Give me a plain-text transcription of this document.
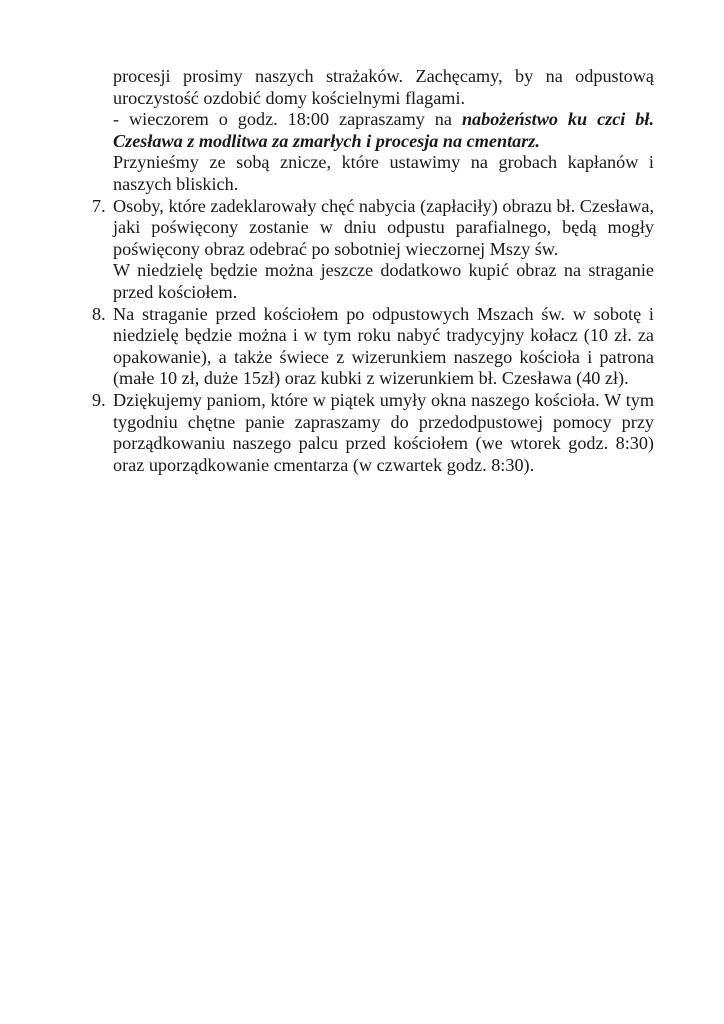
procesji prosimy naszych strażaków. Zachęcamy, by na odpustową uroczystość ozdobić domy kościelnymi flagami.

- wieczorem o godz. 18:00 zapraszamy na nabożeństwo ku czci bł. Czesława z modlitwa za zmarłych i procesja na cmentarz.

Przynieśmy ze sobą znicze, które ustawimy na grobach kapłanów i naszych bliskich.

7. Osoby, które zadeklarowały chęć nabycia (zapłaciły) obrazu bł. Czesława, jaki poświęcony zostanie w dniu odpustu parafialnego, będą mogły poświęcony obraz odebrać po sobotniej wieczornej Mszy św.

W niedzielę będzie można jeszcze dodatkowo kupić obraz na straganie przed kościołem.

8. Na straganie przed kościołem po odpustowych Mszach św. w sobotę i niedzielę będzie można i w tym roku nabyć tradycyjny kołacz (10 zł. za opakowanie), a także świece z wizerunkiem naszego kościoła i patrona (małe 10 zł, duże 15zł) oraz kubki z wizerunkiem bł. Czesława (40 zł).

9. Dziękujemy paniom, które w piątek umyły okna naszego kościoła. W tym tygodniu chętne panie zapraszamy do przedodpustowej pomocy przy porządkowaniu naszego palcu przed kościołem (we wtorek godz. 8:30) oraz uporządkowanie cmentarza (w czwartek godz. 8:30).
